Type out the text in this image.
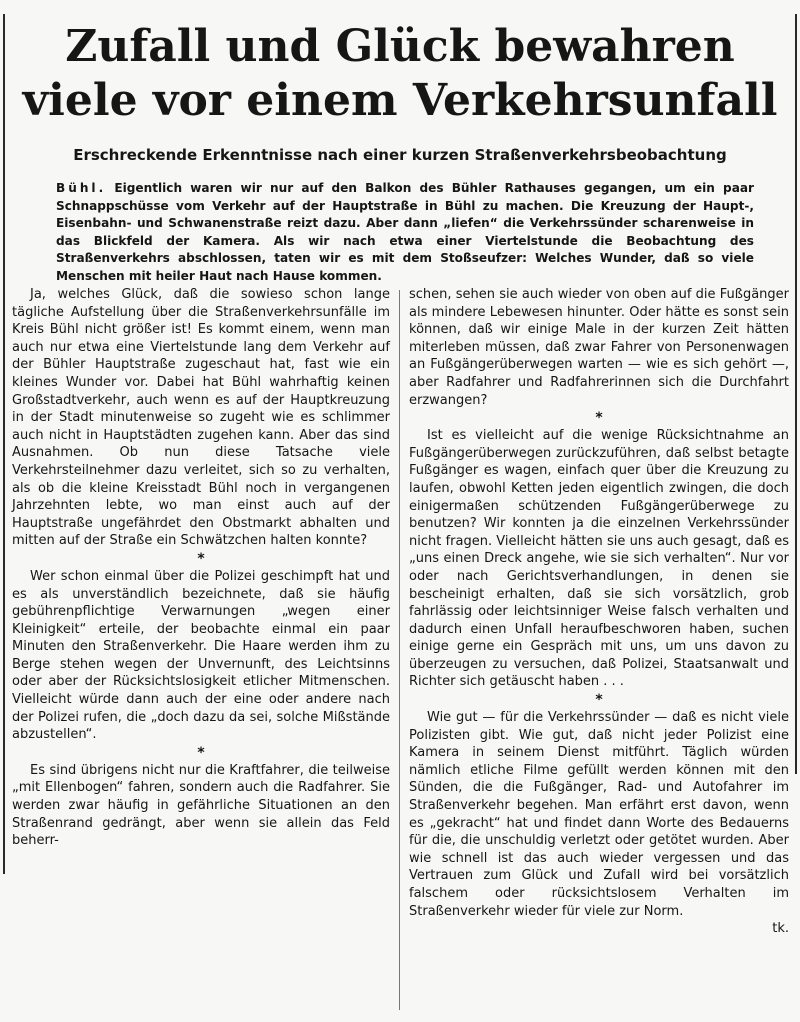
Zufall und Glück bewahren
viele vor einem Verkehrsunfall
Erschreckende Erkenntnisse nach einer kurzen Straßenverkehrsbeobachtung

Bühl. Eigentlich waren wir nur auf den Balkon des Bühler Rathauses gegangen, um ein paar Schnappschüsse vom Verkehr auf der Hauptstraße in Bühl zu machen. Die Kreuzung der Haupt-, Eisenbahn- und Schwanenstraße reizt dazu. Aber dann „liefen“ die Verkehrssünder scharenweise in das Blickfeld der Kamera. Als wir nach etwa einer Viertelstunde die Beobachtung des Straßenverkehrs abschlossen, taten wir es mit dem Stoßseufzer: Welches Wunder, daß so viele Menschen mit heiler Haut nach Hause kommen.

Ja, welches Glück, daß die sowieso schon lange tägliche Aufstellung über die Straßenverkehrsunfälle im Kreis Bühl nicht größer ist! Es kommt einem, wenn man auch nur etwa eine Viertelstunde lang dem Verkehr auf der Bühler Hauptstraße zugeschaut hat, fast wie ein kleines Wunder vor. Dabei hat Bühl wahrhaftig keinen Großstadtverkehr, auch wenn es auf der Hauptkreuzung in der Stadt minutenweise so zugeht wie es schlimmer auch nicht in Hauptstädten zugehen kann. Aber das sind Ausnahmen. Ob nun diese Tatsache viele Verkehrsteilnehmer dazu verleitet, sich so zu verhalten, als ob die kleine Kreisstadt Bühl noch in vergangenen Jahrzehnten lebte, wo man einst auch auf der Hauptstraße ungefährdet den Obstmarkt abhalten und mitten auf der Straße ein Schwätzchen halten konnte?

*

Wer schon einmal über die Polizei geschimpft hat und es als unverständlich bezeichnete, daß sie häufig gebührenpflichtige Verwarnungen „wegen einer Kleinigkeit“ erteile, der beobachte einmal ein paar Minuten den Straßenverkehr. Die Haare werden ihm zu Berge stehen wegen der Unvernunft, des Leichtsinns oder aber der Rücksichtslosigkeit etlicher Mitmenschen. Vielleicht würde dann auch der eine oder andere nach der Polizei rufen, die „doch dazu da sei, solche Mißstände abzustellen“.

*

Es sind übrigens nicht nur die Kraftfahrer, die teilweise „mit Ellenbogen“ fahren, sondern auch die Radfahrer. Sie werden zwar häufig in gefährliche Situationen an den Straßenrand gedrängt, aber wenn sie allein das Feld beherr-

schen, sehen sie auch wieder von oben auf die Fußgänger als mindere Lebewesen hinunter. Oder hätte es sonst sein können, daß wir einige Male in der kurzen Zeit hätten miterleben müssen, daß zwar Fahrer von Personenwagen an Fußgängerüberwegen warten — wie es sich gehört —, aber Radfahrer und Radfahrerinnen sich die Durchfahrt erzwangen?

*

Ist es vielleicht auf die wenige Rücksichtnahme an Fußgängerüberwegen zurückzuführen, daß selbst betagte Fußgänger es wagen, einfach quer über die Kreuzung zu laufen, obwohl Ketten jeden eigentlich zwingen, die doch einigermaßen schützenden Fußgängerüberwege zu benutzen? Wir konnten ja die einzelnen Verkehrssünder nicht fragen. Vielleicht hätten sie uns auch gesagt, daß es „uns einen Dreck angehe, wie sie sich verhalten“. Nur vor oder nach Gerichtsverhandlungen, in denen sie bescheinigt erhalten, daß sie sich vorsätzlich, grob fahrlässig oder leichtsinniger Weise falsch verhalten und dadurch einen Unfall heraufbeschworen haben, suchen einige gerne ein Gespräch mit uns, um uns davon zu überzeugen zu versuchen, daß Polizei, Staatsanwalt und Richter sich getäuscht haben . . .

*

Wie gut — für die Verkehrssünder — daß es nicht viele Polizisten gibt. Wie gut, daß nicht jeder Polizist eine Kamera in seinem Dienst mitführt. Täglich würden nämlich etliche Filme gefüllt werden können mit den Sünden, die die Fußgänger, Rad- und Autofahrer im Straßenverkehr begehen. Man erfährt erst davon, wenn es „gekracht“ hat und findet dann Worte des Bedauerns für die, die unschuldig verletzt oder getötet wurden. Aber wie schnell ist das auch wieder vergessen und das Vertrauen zum Glück und Zufall wird bei vorsätzlich falschem oder rücksichtslosem Verhalten im Straßenverkehr wieder für viele zur Norm.

tk.
